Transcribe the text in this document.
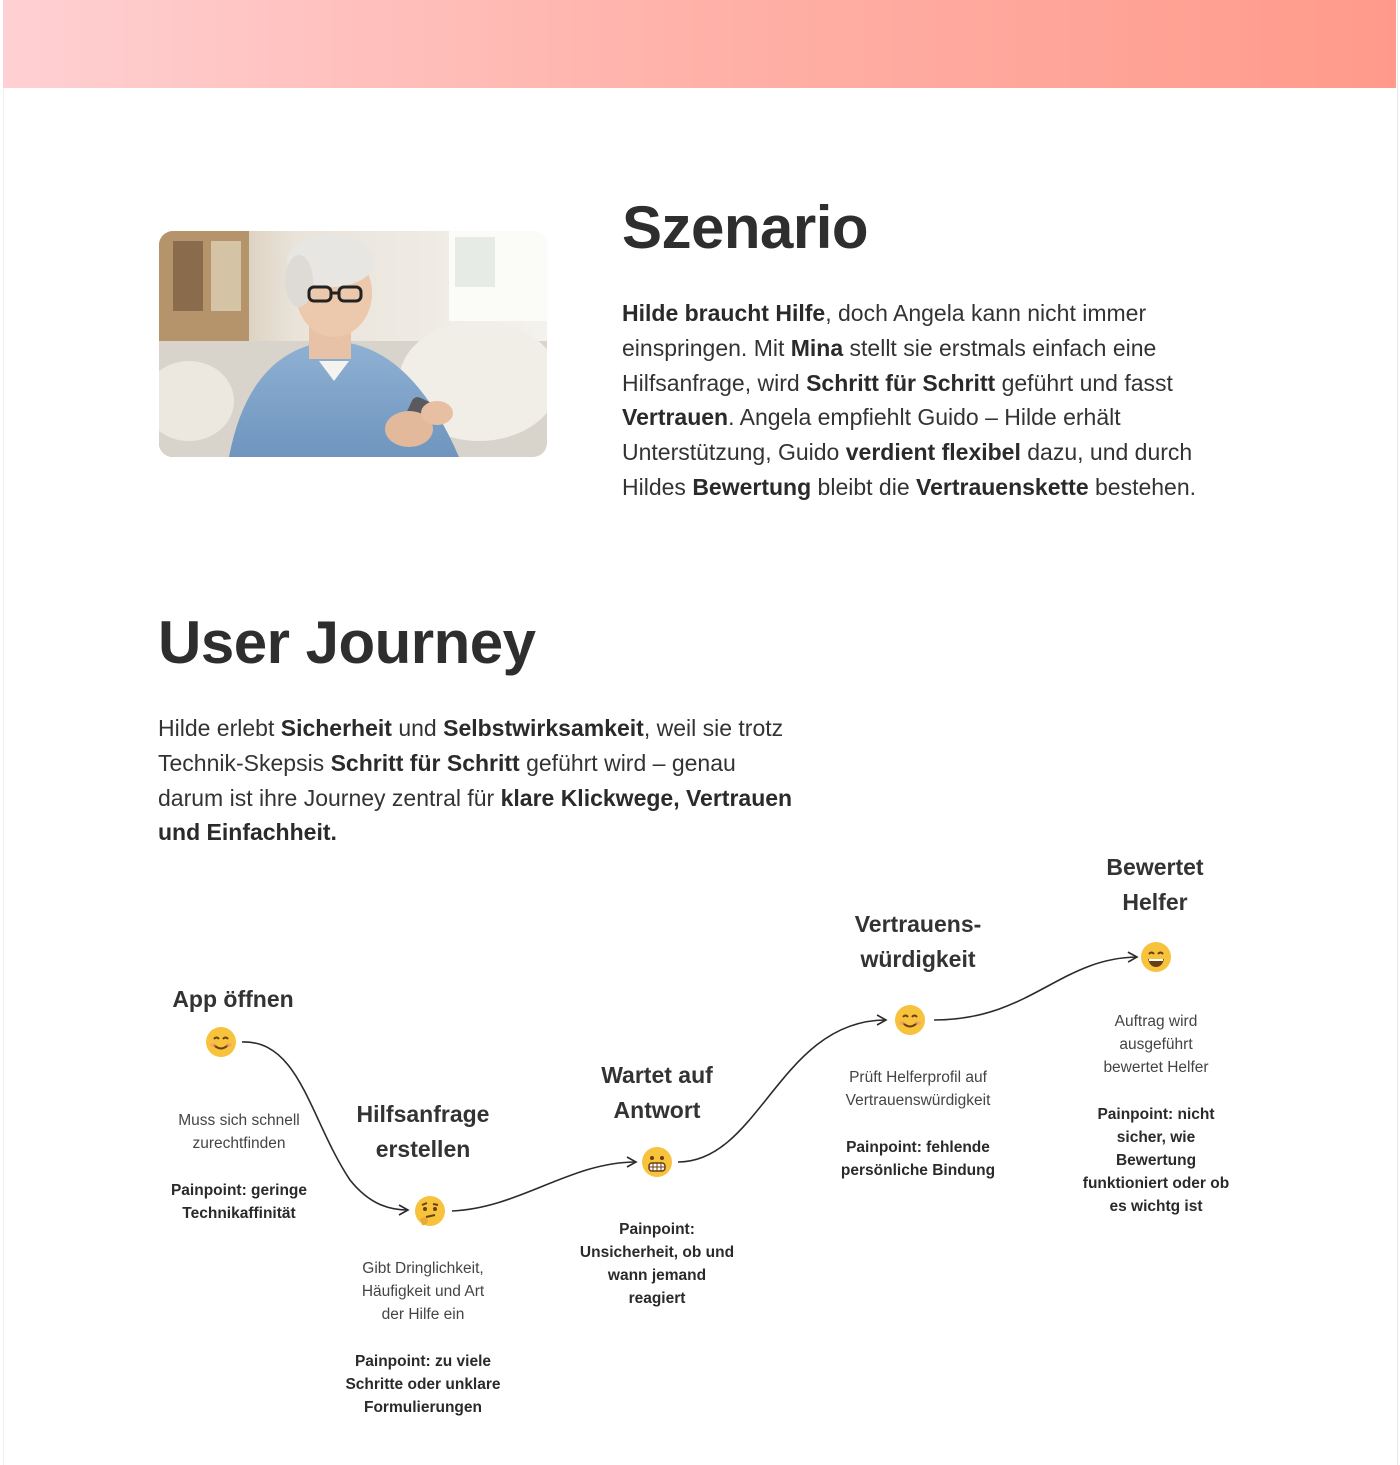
Szenario

Hilde braucht Hilfe, doch Angela kann nicht immer einspringen. Mit Mina stellt sie erstmals einfach eine Hilfsanfrage, wird Schritt für Schritt geführt und fasst Vertrauen. Angela empfiehlt Guido – Hilde erhält Unterstützung, Guido verdient flexibel dazu, und durch Hildes Bewertung bleibt die Vertrauenskette bestehen.

User Journey

Hilde erlebt Sicherheit und Selbstwirksamkeit, weil sie trotz Technik-Skepsis Schritt für Schritt geführt wird – genau darum ist ihre Journey zentral für klare Klickwege, Vertrauen und Einfachheit.

App öffnen
Muss sich schnell
zurechtfinden
Painpoint: geringe
Technikaffinität
Hilfsanfrage
erstellen
Gibt Dringlichkeit,
Häufigkeit und Art
der Hilfe ein
Painpoint: zu viele
Schritte oder unklare
Formulierungen
Wartet auf
Antwort
Painpoint:
Unsicherheit, ob und
wann jemand
reagiert
Vertrauens-
würdigkeit
Prüft Helferprofil auf
Vertrauenswürdigkeit
Painpoint: fehlende
persönliche Bindung
Bewertet
Helfer
Auftrag wird
ausgeführt
bewertet Helfer
Painpoint: nicht
sicher, wie
Bewertung
funktioniert oder ob
es wichtg ist
